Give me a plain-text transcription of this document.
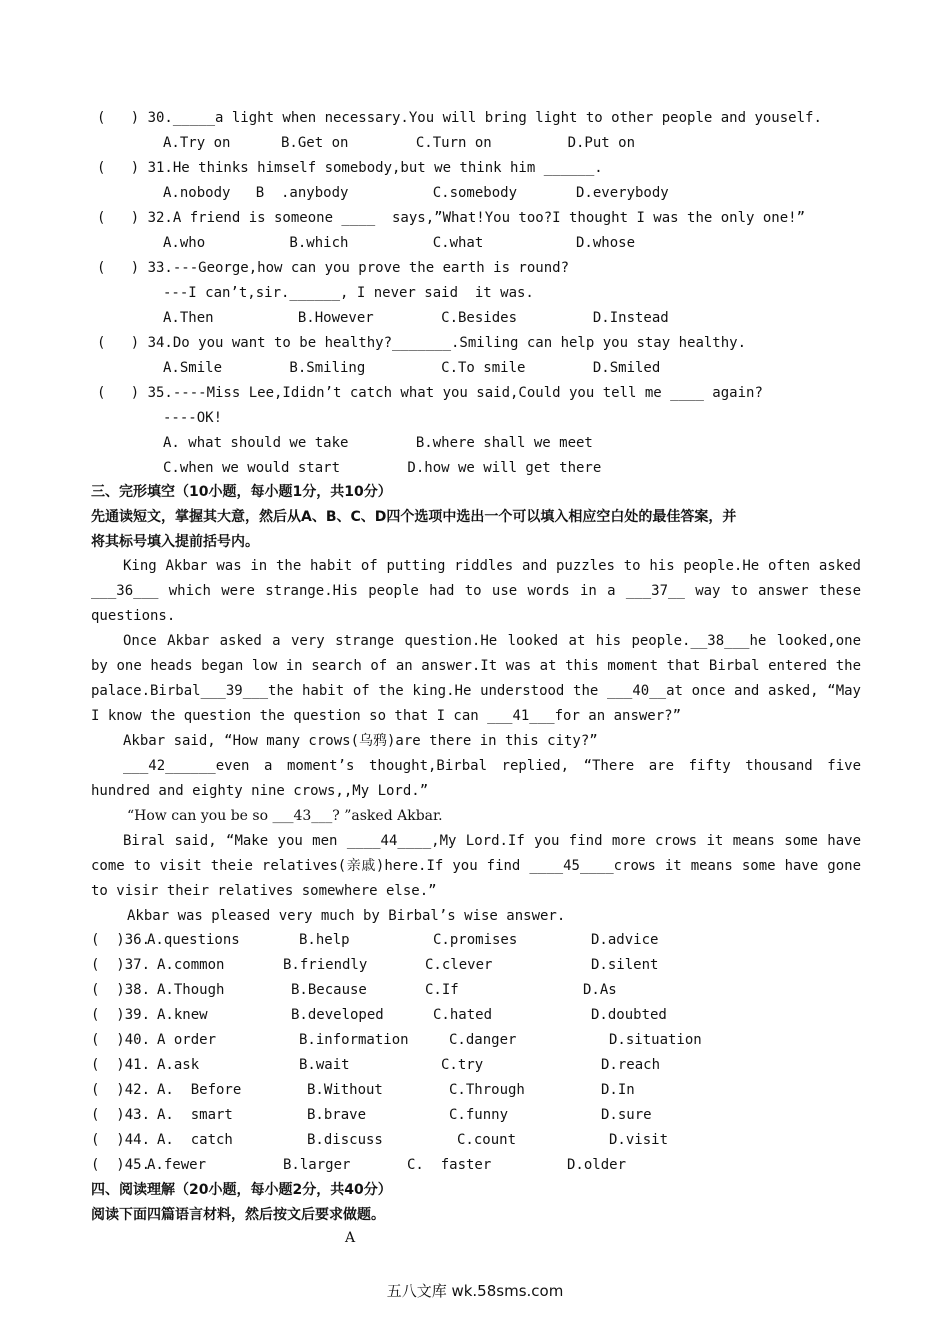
(   ) 30._____a light when necessary.You will bring light to other people and youself.
A.Try on      B.Get on        C.Turn on         D.Put on
(   ) 31.He thinks himself somebody,but we think him ______.
A.nobody   B  .anybody          C.somebody       D.everybody
(   ) 32.A friend is someone ____  says,”What!You too?I thought I was the only one!”
A.who          B.which          C.what           D.whose
(   ) 33.---George,how can you prove the earth is round?
---I can’t,sir.______, I never said  it was.
A.Then          B.However        C.Besides         D.Instead
(   ) 34.Do you want to be healthy?_______.Smiling can help you stay healthy.
A.Smile        B.Smiling         C.To smile        D.Smiled
(   ) 35.----Miss Lee,Ididn’t catch what you said,Could you tell me ____ again?
----OK!
A. what should we take        B.where shall we meet
C.when we would start        D.how we will get there
三、完形填空（10小题，每小题1分，共10分）
先通读短文，掌握其大意，然后从A、B、C、D四个选项中选出一个可以填入相应空白处的最佳答案，并
将其标号填入提前括号内。
King Akbar was in the habit of putting riddles and puzzles to his people.He often asked ___36___ which were strange.His people had to use words in a ___37__ way to answer these questions.
Once Akbar asked a very strange question.He looked at his people.__38___he looked,one by one heads began low in search of an answer.It was at this moment that Birbal entered the palace.Birbal___39___the habit of the king.He understood the ___40__at once and asked, “May I know the question the question so that I can ___41___for an answer?”
Akbar said, “How many crows(乌鸦)are there in this city?”
___42______even a moment’s thought,Birbal replied, “There are fifty thousand five hundred and eighty nine crows,,My Lord.”
“How can you be so ___43___? ”asked Akbar.
Biral said, “Make you men ____44____,My Lord.If you find more crows it means some have come to visit theie relatives(亲戚)here.If you find ____45____crows it means some have gone to visir their relatives somewhere else.”
Akbar was pleased very much by Birbal’s wise answer.
(  )36.
A.questions	B.help	C.promises	D.advice
(  )37. A.common	B.friendly	C.clever	D.silent
(  )38. A.Though	B.Because	C.If	D.As
(  )39. A.knew	B.developed	C.hated	D.doubted
(  )40. A order	B.information	C.danger	D.situation
(  )41. A.ask	B.wait	C.try	D.reach
(  )42. A.  Before	B.Without	C.Through	D.In
(  )43. A.  smart	B.brave	C.funny	D.sure
(  )44. A.  catch	B.discuss	C.count	D.visit
(  )45.
A.fewer	B.larger	C.  faster	D.older
四、阅读理解（20小题，每小题2分，共40分）
阅读下面四篇语言材料，然后按文后要求做题。
A
五八文库 wk.58sms.com
